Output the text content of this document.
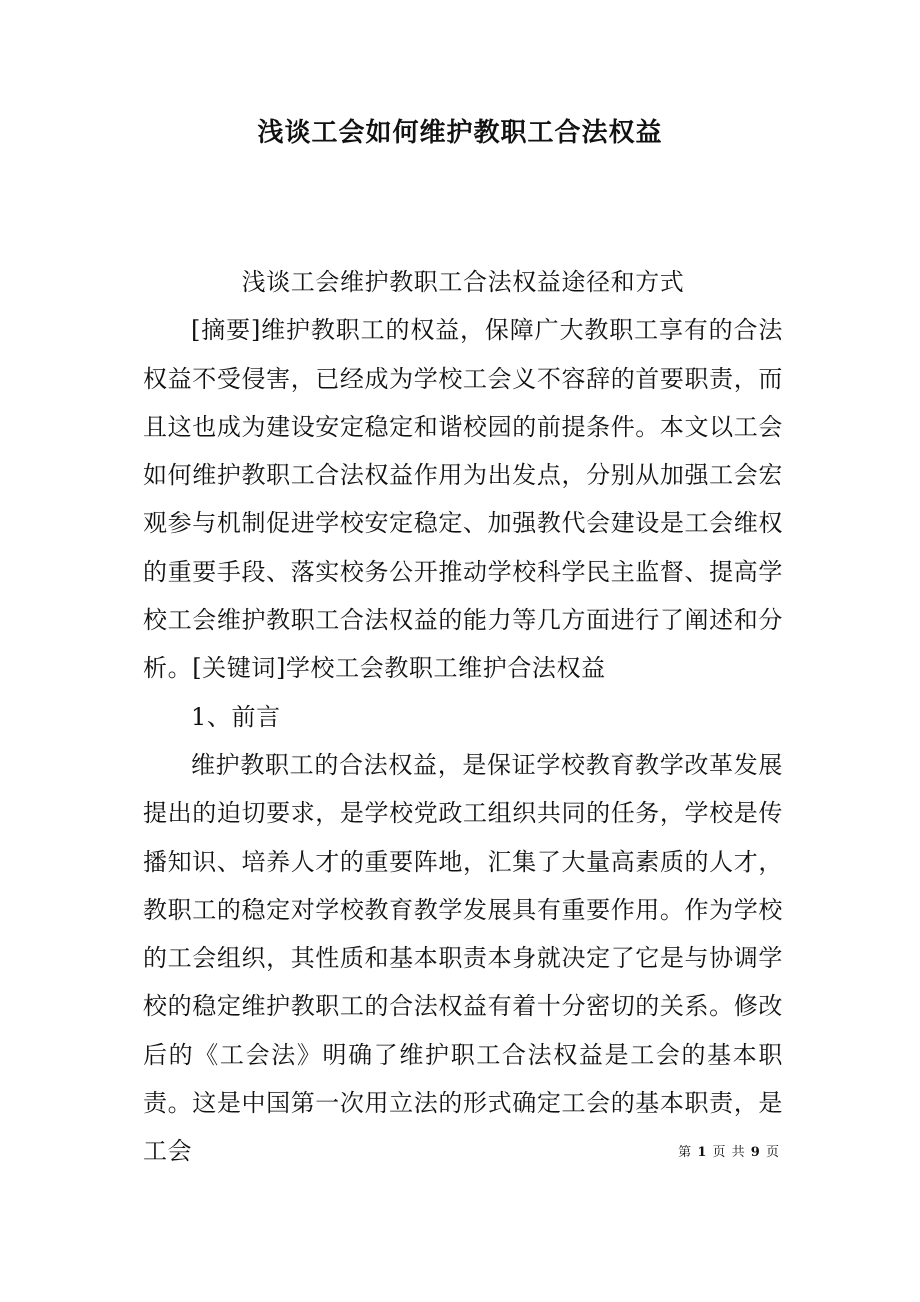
浅谈工会如何维护教职工合法权益

浅谈工会维护教职工合法权益途径和方式

[摘要]维护教职工的权益，保障广大教职工享有的合法权益不受侵害，已经成为学校工会义不容辞的首要职责，而且这也成为建设安定稳定和谐校园的前提条件。本文以工会如何维护教职工合法权益作用为出发点，分别从加强工会宏观参与机制促进学校安定稳定、加强教代会建设是工会维权的重要手段、落实校务公开推动学校科学民主监督、提高学校工会维护教职工合法权益的能力等几方面进行了阐述和分析。[关键词]学校工会教职工维护合法权益

1、前言

维护教职工的合法权益，是保证学校教育教学改革发展提出的迫切要求，是学校党政工组织共同的任务，学校是传播知识、培养人才的重要阵地，汇集了大量高素质的人才，教职工的稳定对学校教育教学发展具有重要作用。作为学校的工会组织，其性质和基本职责本身就决定了它是与协调学校的稳定维护教职工的合法权益有着十分密切的关系。修改后的《工会法》明确了维护职工合法权益是工会的基本职责。这是中国第一次用立法的形式确定工会的基本职责，是工会	第 1 页 共 9 页
